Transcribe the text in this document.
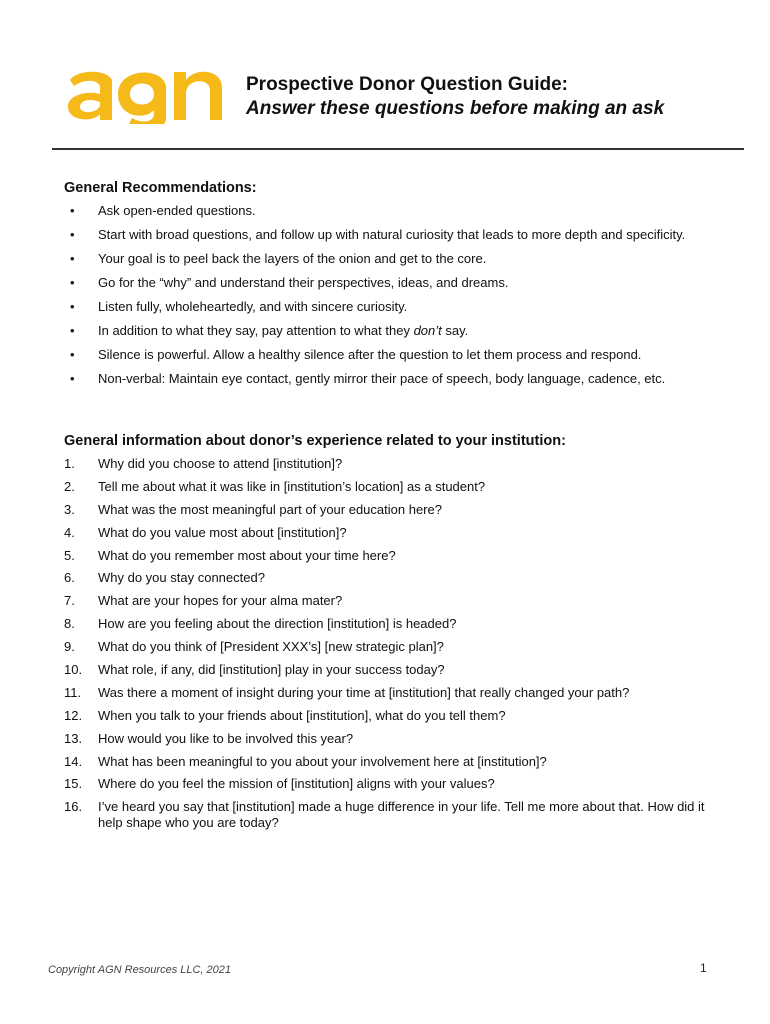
Prospective Donor Question Guide:

Answer these questions before making an ask

General Recommendations:

• Ask open-ended questions.
• Start with broad questions, and follow up with natural curiosity that leads to more depth and specificity.
• Your goal is to peel back the layers of the onion and get to the core.
• Go for the “why” and understand their perspectives, ideas, and dreams.
• Listen fully, wholeheartedly, and with sincere curiosity.
• In addition to what they say, pay attention to what they don’t say.
• Silence is powerful. Allow a healthy silence after the question to let them process and respond.
• Non-verbal: Maintain eye contact, gently mirror their pace of speech, body language, cadence, etc.

General information about donor’s experience related to your institution:

1. Why did you choose to attend [institution]?
2. Tell me about what it was like in [institution’s location] as a student?
3. What was the most meaningful part of your education here?
4. What do you value most about [institution]?
5. What do you remember most about your time here?
6. Why do you stay connected?
7. What are your hopes for your alma mater?
8. How are you feeling about the direction [institution] is headed?
9. What do you think of [President XXX’s] [new strategic plan]?
10. What role, if any, did [institution] play in your success today?
11. Was there a moment of insight during your time at [institution] that really changed your path?
12. When you talk to your friends about [institution], what do you tell them?
13. How would you like to be involved this year?
14. What has been meaningful to you about your involvement here at [institution]?
15. Where do you feel the mission of [institution] aligns with your values?
16. I’ve heard you say that [institution] made a huge difference in your life. Tell me more about that. How did it help shape who you are today?
Copyright AGN Resources LLC, 2021	1
